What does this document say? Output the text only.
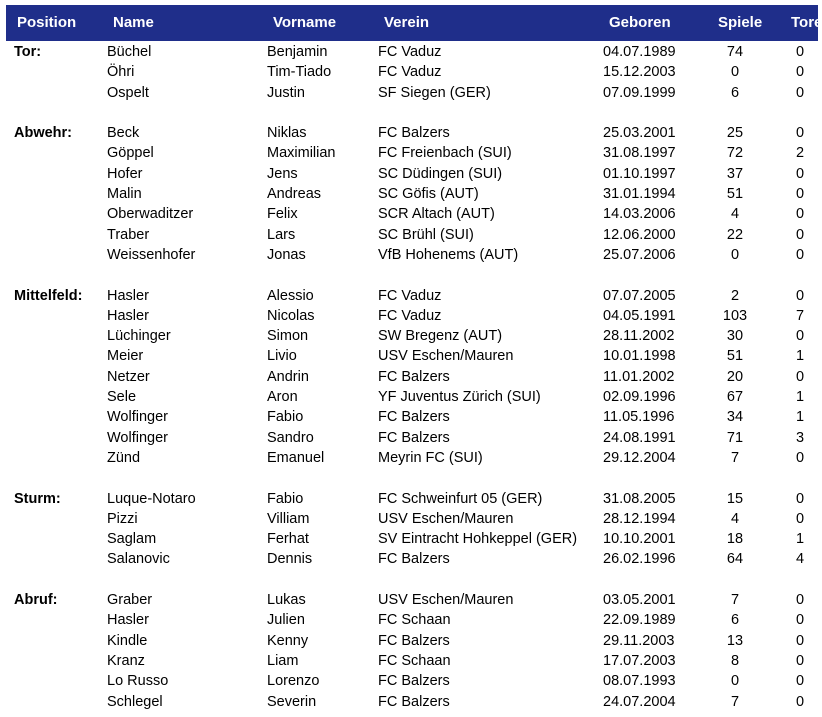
Position Name	Vorname	Verein	Geboren	Spiele Tore
Tor:	Büchel	Benjamin	FC Vaduz	04.07.1989	74	0
Öhri	Tim-Tiado	FC Vaduz	15.12.2003	0	0
Ospelt	Justin	SF Siegen (GER)	07.09.1999	6	0
Abwehr: Beck	Niklas	FC Balzers	25.03.2001	25	0
Göppel	Maximilian	FC Freienbach (SUI)	31.08.1997	72	2
Hofer	Jens	SC Düdingen (SUI)	01.10.1997	37	0
Malin	Andreas	SC Göfis (AUT)	31.01.1994	51	0
Oberwaditzer	Felix	SCR Altach (AUT)	14.03.2006	4	0
Traber	Lars	SC Brühl (SUI)	12.06.2000	22	0
Weissenhofer	Jonas	VfB Hohenems (AUT)	25.07.2006	0	0
Mittelfeld: Hasler	Alessio	FC Vaduz	07.07.2005	2	0
Hasler	Nicolas	FC Vaduz	04.05.1991	103	7
Lüchinger	Simon	SW Bregenz (AUT)	28.11.2002	30	0
Meier	Livio	USV Eschen/Mauren	10.01.1998	51	1
Netzer	Andrin	FC Balzers	11.01.2002	20	0
Sele	Aron	YF Juventus Zürich (SUI)	02.09.1996	67	1
Wolfinger	Fabio	FC Balzers	11.05.1996	34	1
Wolfinger	Sandro	FC Balzers	24.08.1991	71	3
Zünd	Emanuel	Meyrin FC (SUI)	29.12.2004	7	0
Sturm:	Luque-Notaro	Fabio	FC Schweinfurt 05 (GER)	31.08.2005	15	0
Pizzi	Villiam	USV Eschen/Mauren	28.12.1994	4	0
Saglam	Ferhat	SV Eintracht Hohkeppel (GER) 10.10.2001	18	1
Salanovic	Dennis	FC Balzers	26.02.1996	64	4
Abruf:	Graber	Lukas	USV Eschen/Mauren	03.05.2001	7	0
Hasler	Julien	FC Schaan	22.09.1989	6	0
Kindle	Kenny	FC Balzers	29.11.2003	13	0
Kranz	Liam	FC Schaan	17.07.2003	8	0
Lo Russo	Lorenzo	FC Balzers	08.07.1993	0	0
Schlegel	Severin	FC Balzers	24.07.2004	7	0
